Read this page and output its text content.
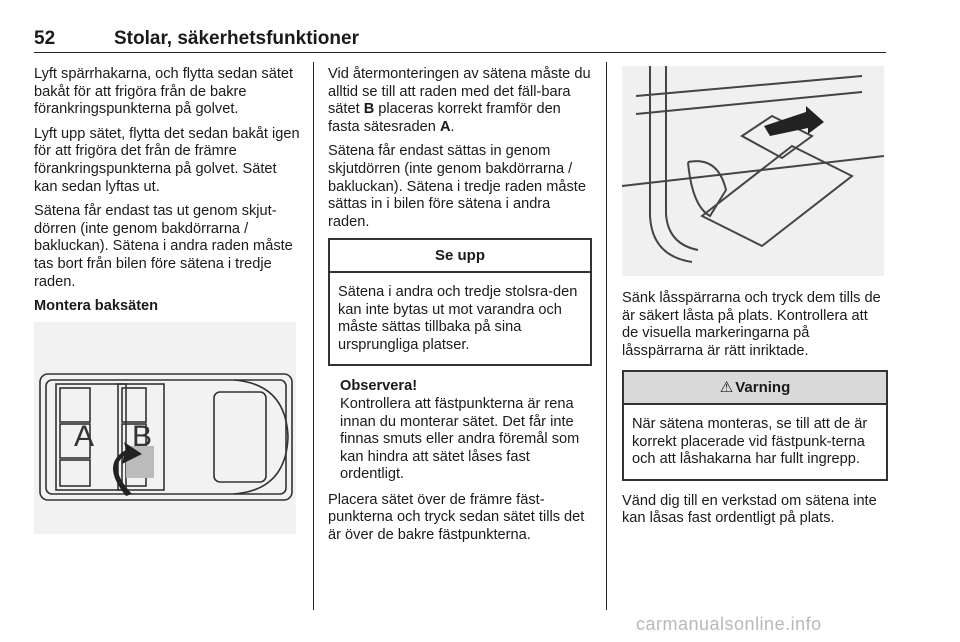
52	Stolar, säkerhetsfunktioner

Lyft spärrhakarna, och flytta sedan sätet bakåt för att frigöra från de bakre förankringspunkterna på golvet.

Lyft upp sätet, flytta det sedan bakåt igen för att frigöra det från de främre förankringspunkterna på golvet. Sätet kan sedan lyftas ut.

Sätena får endast tas ut genom skjut-dörren (inte genom bakdörrarna / bakluckan). Sätena i andra raden måste tas bort från bilen före sätena i tredje raden.

Montera baksäten

A B

Vid återmonteringen av sätena måste du alltid se till att raden med det fäll-bara sätet B placeras korrekt framför den fasta sätesraden A.

Sätena får endast sättas in genom skjutdörren (inte genom bakdörrarna / bakluckan). Sätena i tredje raden måste sättas in i bilen före sätena i andra raden.

Se upp
Sätena i andra och tredje stolsra-den kan inte bytas ut mot varandra och måste sättas tillbaka på sina ursprungliga platser.
Observera!
Kontrollera att fästpunkterna är rena innan du monterar sätet. Det får inte finnas smuts eller andra föremål som kan hindra att sätet låses fast ordentligt.

Placera sätet över de främre fäst-punkterna och tryck sedan sätet tills det är över de bakre fästpunkterna.

Sänk låsspärrarna och tryck dem tills de är säkert låsta på plats. Kontrollera att de visuella markeringarna på låsspärrarna är rätt inriktade.

⚠ Varning
När sätena monteras, se till att de är korrekt placerade vid fästpunk-terna och att låshakarna har fullt ingrepp.

Vänd dig till en verkstad om sätena inte kan låsas fast ordentligt på plats.

carmanualsonline.info
